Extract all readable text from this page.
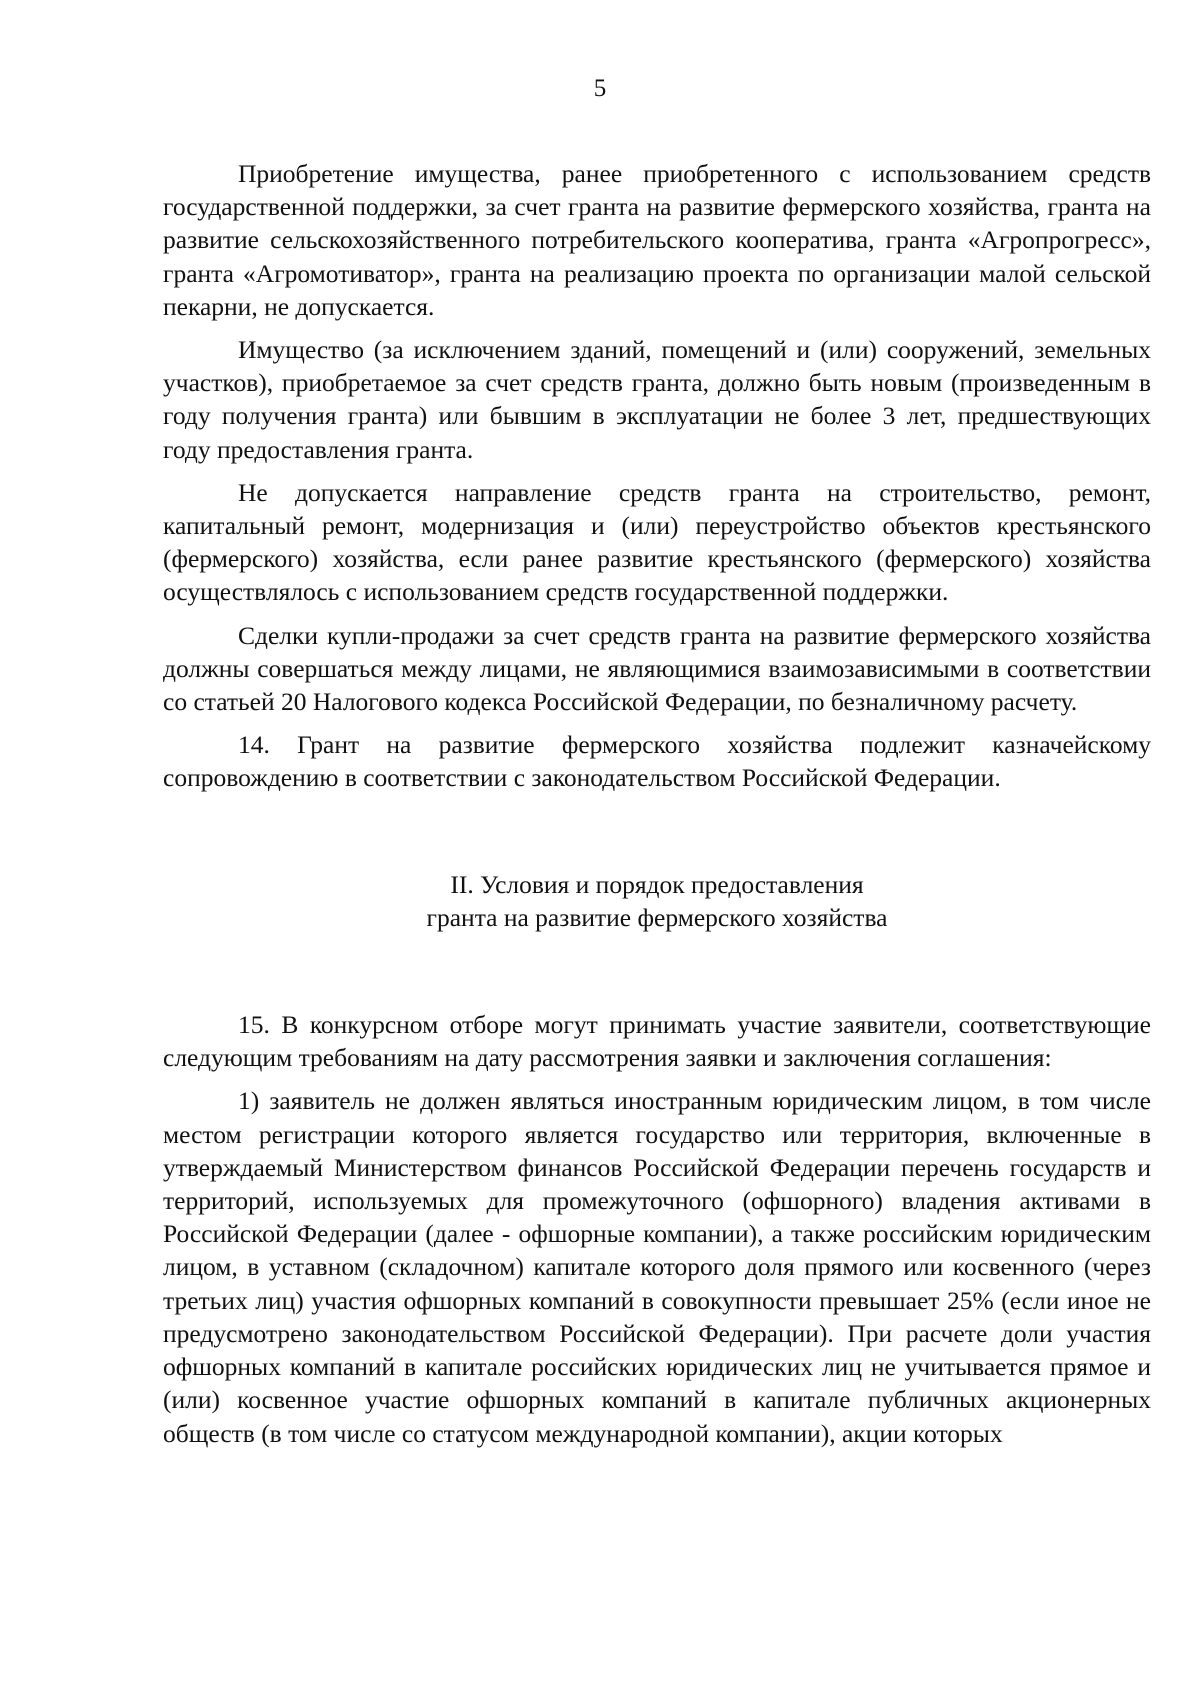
5

Приобретение имущества, ранее приобретенного с использованием средств государственной поддержки, за счет гранта на развитие фермерского хозяйства, гранта на развитие сельскохозяйственного потребительского кооператива, гранта «Агропрогресс», гранта «Агромотиватор», гранта на реализацию проекта по организации малой сельской пекарни, не допускается.

Имущество (за исключением зданий, помещений и (или) сооружений, земельных участков), приобретаемое за счет средств гранта, должно быть новым (произведенным в году получения гранта) или бывшим в эксплуатации не более 3 лет, предшествующих году предоставления гранта.

Не допускается направление средств гранта на строительство, ремонт, капитальный ремонт, модернизация и (или) переустройство объектов крестьянского (фермерского) хозяйства, если ранее развитие крестьянского (фермерского) хозяйства осуществлялось с использованием средств государственной поддержки.

Сделки купли-продажи за счет средств гранта на развитие фермерского хозяйства должны совершаться между лицами, не являющимися взаимозависимыми в соответствии со статьей 20 Налогового кодекса Российской Федерации, по безналичному расчету.

14. Грант на развитие фермерского хозяйства подлежит казначейскому сопровождению в соответствии с законодательством Российской Федерации.

II. Условия и порядок предоставления
гранта на развитие фермерского хозяйства

15. В конкурсном отборе могут принимать участие заявители, соответствующие следующим требованиям на дату рассмотрения заявки и заключения соглашения:

1) заявитель не должен являться иностранным юридическим лицом, в том числе местом регистрации которого является государство или территория, включенные в утверждаемый Министерством финансов Российской Федерации перечень государств и территорий, используемых для промежуточного (офшорного) владения активами в Российской Федерации (далее - офшорные компании), а также российским юридическим лицом, в уставном (складочном) капитале которого доля прямого или косвенного (через третьих лиц) участия офшорных компаний в совокупности превышает 25% (если иное не предусмотрено законодательством Российской Федерации). При расчете доли участия офшорных компаний в капитале российских юридических лиц не учитывается прямое и (или) косвенное участие офшорных компаний в капитале публичных акционерных обществ (в том числе со статусом международной компании), акции которых
